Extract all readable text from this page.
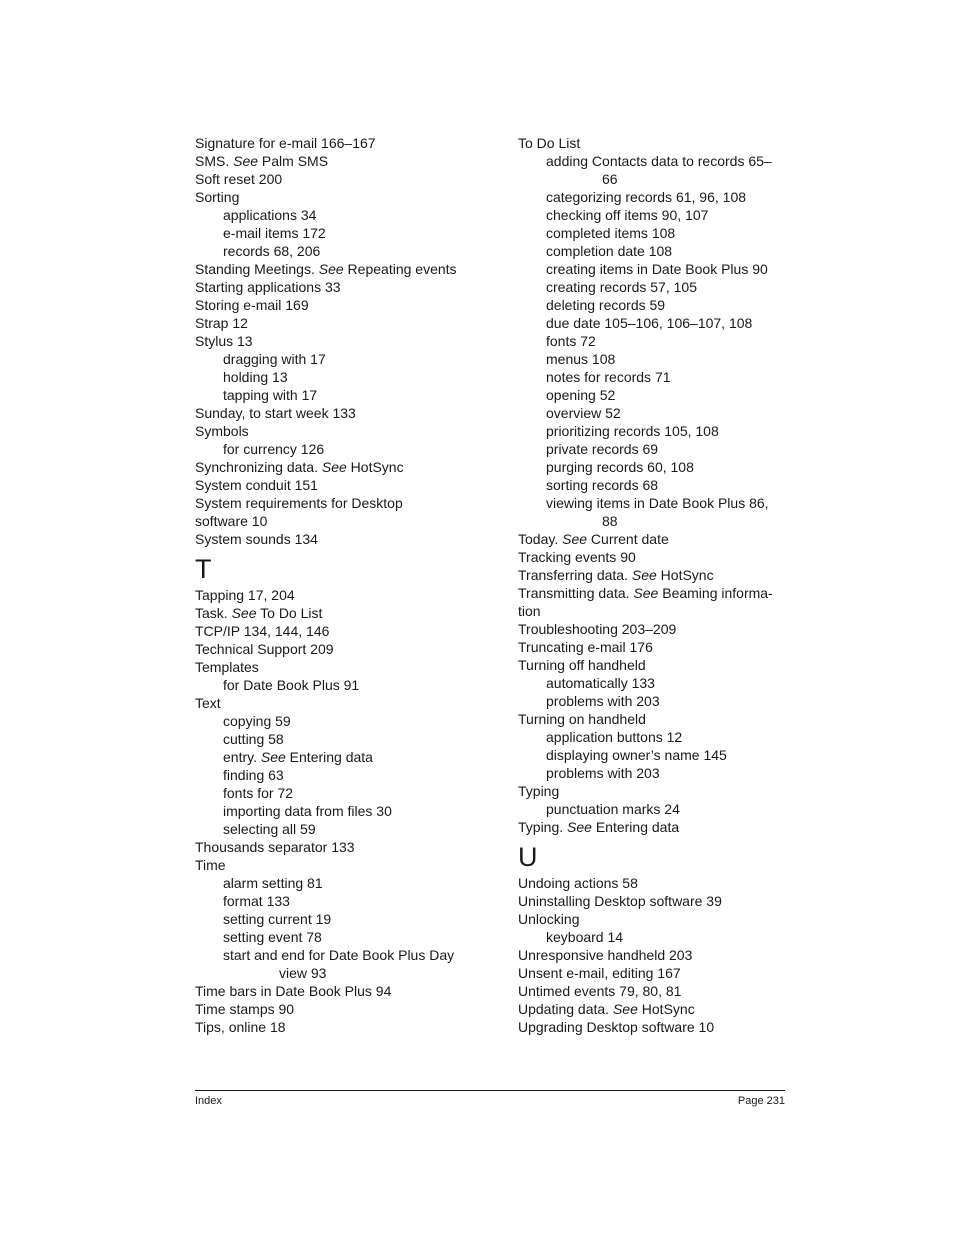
Signature for e-mail 166–167
SMS. See Palm SMS
Soft reset 200
Sorting
applications 34
e-mail items 172
records 68, 206
Standing Meetings. See Repeating events
Starting applications 33
Storing e-mail 169
Strap 12
Stylus 13
dragging with 17
holding 13
tapping with 17
Sunday, to start week 133
Symbols
for currency 126
Synchronizing data. See HotSync
System conduit 151
System requirements for Desktop
software 10
System sounds 134
T
Tapping 17, 204
Task. See To Do List
TCP/IP 134, 144, 146
Technical Support 209
Templates
for Date Book Plus 91
Text
copying 59
cutting 58
entry. See Entering data
finding 63
fonts for 72
importing data from files 30
selecting all 59
Thousands separator 133
Time
alarm setting 81
format 133
setting current 19
setting event 78
start and end for Date Book Plus Day
view 93
Time bars in Date Book Plus 94
Time stamps 90
Tips, online 18
To Do List
adding Contacts data to records 65–
66
categorizing records 61, 96, 108
checking off items 90, 107
completed items 108
completion date 108
creating items in Date Book Plus 90
creating records 57, 105
deleting records 59
due date 105–106, 106–107, 108
fonts 72
menus 108
notes for records 71
opening 52
overview 52
prioritizing records 105, 108
private records 69
purging records 60, 108
sorting records 68
viewing items in Date Book Plus 86,
88
Today. See Current date
Tracking events 90
Transferring data. See HotSync
Transmitting data. See Beaming informa-
tion
Troubleshooting 203–209
Truncating e-mail 176
Turning off handheld
automatically 133
problems with 203
Turning on handheld
application buttons 12
displaying owner’s name 145
problems with 203
Typing
punctuation marks 24
Typing. See Entering data
U
Undoing actions 58
Uninstalling Desktop software 39
Unlocking
keyboard 14
Unresponsive handheld 203
Unsent e-mail, editing 167
Untimed events 79, 80, 81
Updating data. See HotSync
Upgrading Desktop software 10
Index	Page 231
